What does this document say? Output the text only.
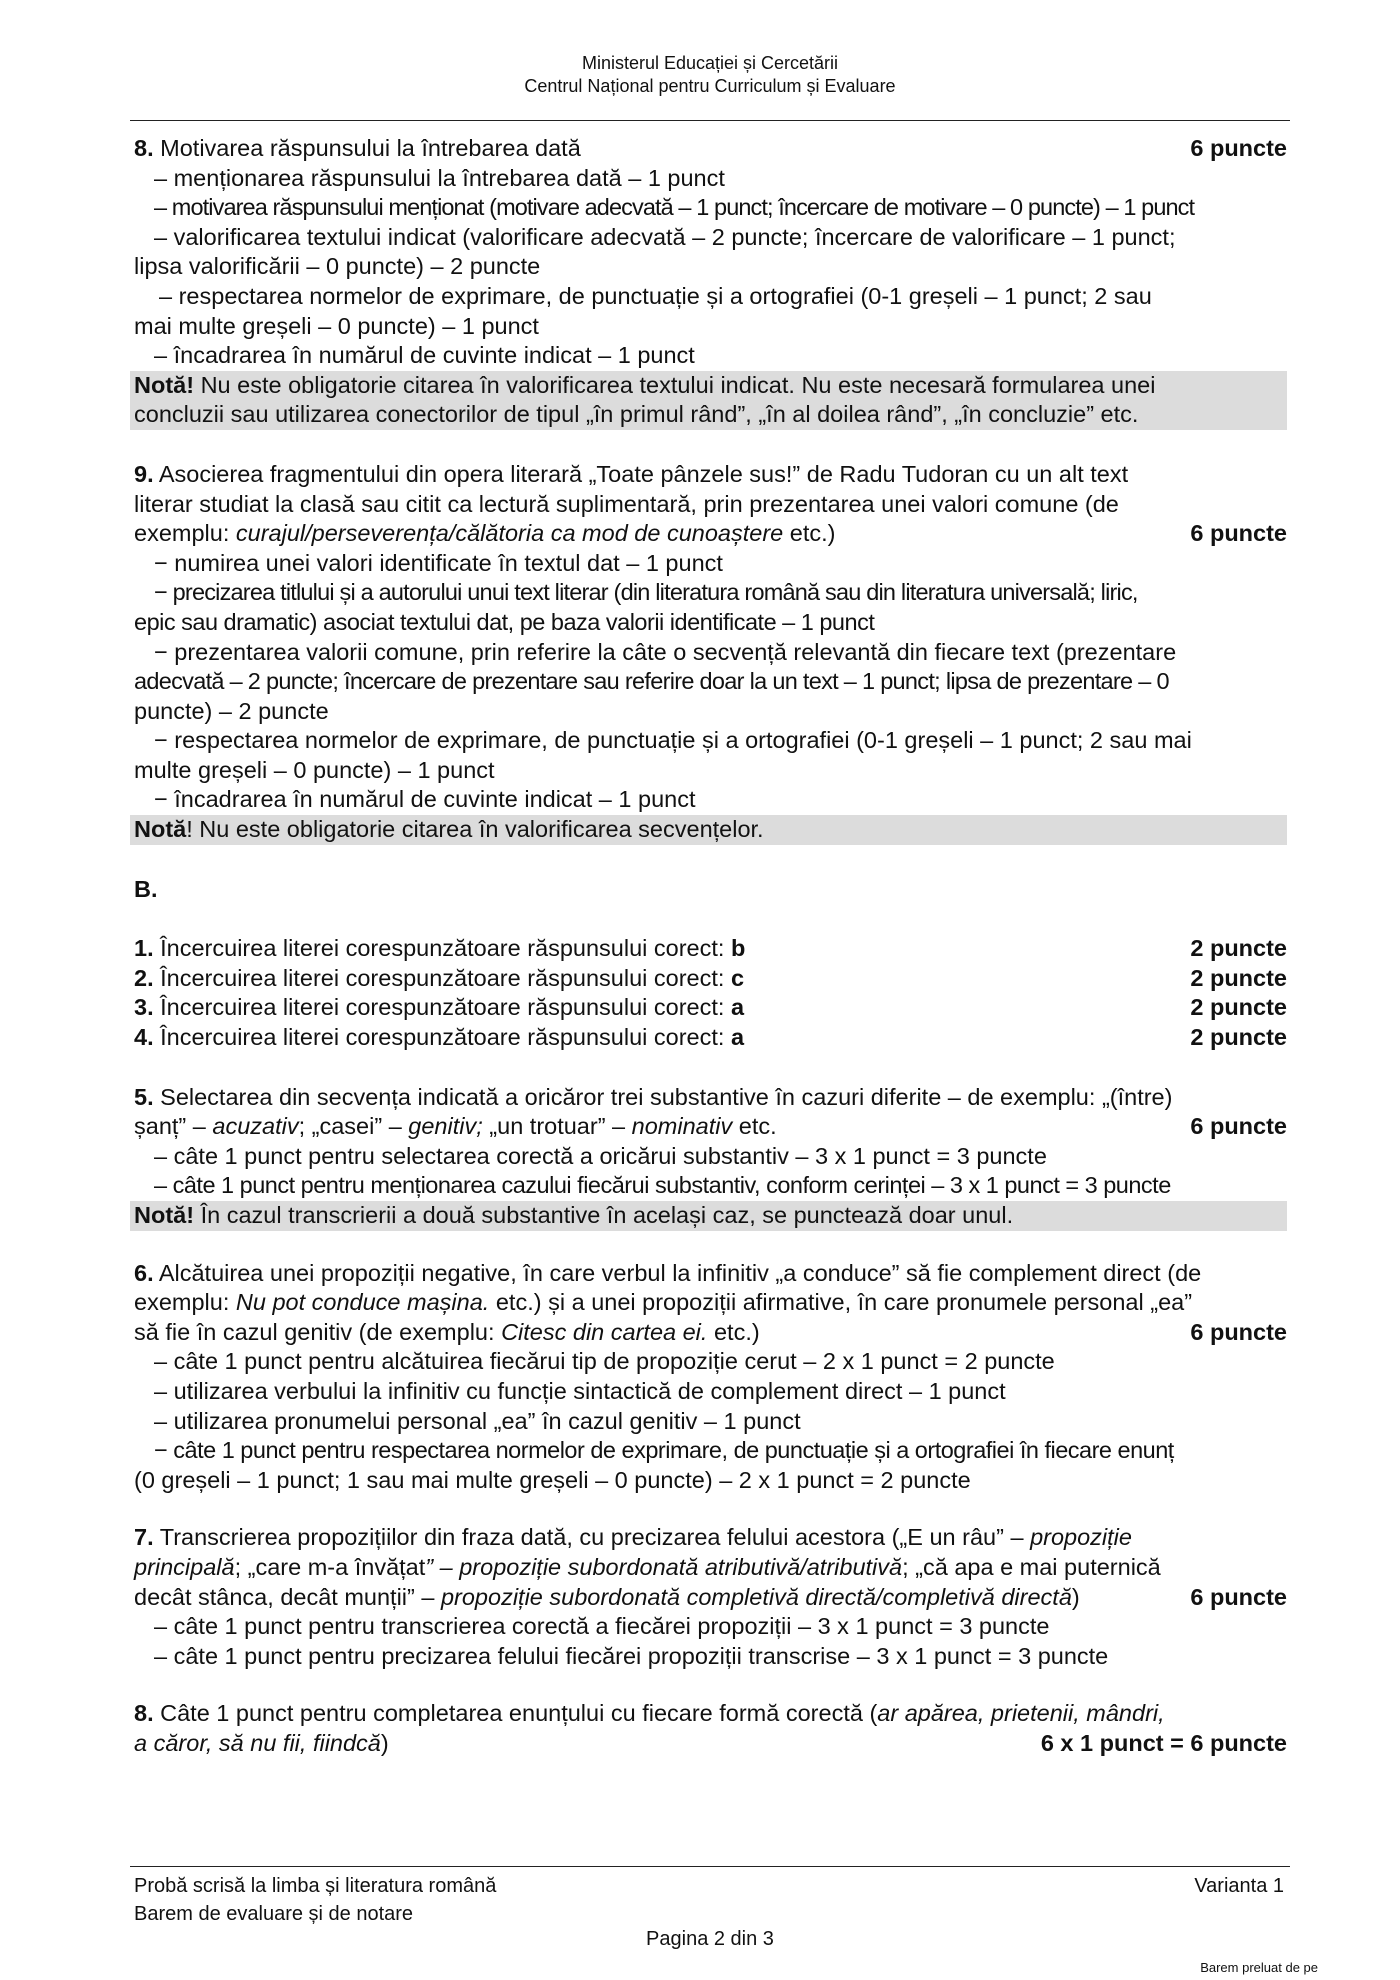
Ministerul Educației și Cercetării
Centrul Național pentru Curriculum și Evaluare
8. Motivarea răspunsului la întrebarea dată	6 puncte
– menționarea răspunsului la întrebarea dată – 1 punct
– motivarea răspunsului menționat (motivare adecvată – 1 punct; încercare de motivare – 0 puncte) – 1 punct
– valorificarea textului indicat (valorificare adecvată – 2 puncte; încercare de valorificare – 1 punct;
lipsa valorificării – 0 puncte) – 2 puncte
– respectarea normelor de exprimare, de punctuație și a ortografiei (0-1 greșeli – 1 punct; 2 sau
mai multe greșeli – 0 puncte) – 1 punct
– încadrarea în numărul de cuvinte indicat – 1 punct
Notă! Nu este obligatorie citarea în valorificarea textului indicat. Nu este necesară formularea unei
concluzii sau utilizarea conectorilor de tipul „în primul rând”, „în al doilea rând”, „în concluzie” etc.
9. Asocierea fragmentului din opera literară „Toate pânzele sus!” de Radu Tudoran cu un alt text
literar studiat la clasă sau citit ca lectură suplimentară, prin prezentarea unei valori comune (de
exemplu: curajul/perseverența/călătoria ca mod de cunoaștere etc.)	6 puncte
− numirea unei valori identificate în textul dat – 1 punct
− precizarea titlului și a autorului unui text literar (din literatura română sau din literatura universală; liric,
epic sau dramatic) asociat textului dat, pe baza valorii identificate – 1 punct
− prezentarea valorii comune, prin referire la câte o secvență relevantă din fiecare text (prezentare
adecvată – 2 puncte; încercare de prezentare sau referire doar la un text – 1 punct; lipsa de prezentare – 0
puncte) – 2 puncte
− respectarea normelor de exprimare, de punctuație și a ortografiei (0-1 greșeli – 1 punct; 2 sau mai
multe greșeli – 0 puncte) – 1 punct
− încadrarea în numărul de cuvinte indicat – 1 punct
Notă! Nu este obligatorie citarea în valorificarea secvențelor.
B.
1. Încercuirea literei corespunzătoare răspunsului corect: b	2 puncte
2. Încercuirea literei corespunzătoare răspunsului corect: c	2 puncte
3. Încercuirea literei corespunzătoare răspunsului corect: a	2 puncte
4. Încercuirea literei corespunzătoare răspunsului corect: a	2 puncte
5. Selectarea din secvența indicată a oricăror trei substantive în cazuri diferite – de exemplu: „(între)
șanț” – acuzativ; „casei” – genitiv; „un trotuar” – nominativ etc.	6 puncte
– câte 1 punct pentru selectarea corectă a oricărui substantiv – 3 x 1 punct = 3 puncte
– câte 1 punct pentru menționarea cazului fiecărui substantiv, conform cerinței – 3 x 1 punct = 3 puncte
Notă! În cazul transcrierii a două substantive în același caz, se punctează doar unul.
6. Alcătuirea unei propoziții negative, în care verbul la infinitiv „a conduce” să fie complement direct (de
exemplu: Nu pot conduce mașina. etc.) și a unei propoziții afirmative, în care pronumele personal „ea”
să fie în cazul genitiv (de exemplu: Citesc din cartea ei. etc.)	6 puncte
– câte 1 punct pentru alcătuirea fiecărui tip de propoziție cerut – 2 x 1 punct = 2 puncte
– utilizarea verbului la infinitiv cu funcție sintactică de complement direct – 1 punct
– utilizarea pronumelui personal „ea” în cazul genitiv – 1 punct
− câte 1 punct pentru respectarea normelor de exprimare, de punctuație și a ortografiei în fiecare enunț
(0 greșeli – 1 punct; 1 sau mai multe greșeli – 0 puncte) – 2 x 1 punct = 2 puncte
7. Transcrierea propozițiilor din fraza dată, cu precizarea felului acestora („E un râu” – propoziție
principală; „care m-a învățat” – propoziție subordonată atributivă/atributivă; „că apa e mai puternică
decât stânca, decât munții” – propoziție subordonată completivă directă/completivă directă)	6 puncte
– câte 1 punct pentru transcrierea corectă a fiecărei propoziții – 3 x 1 punct = 3 puncte
– câte 1 punct pentru precizarea felului fiecărei propoziții transcrise – 3 x 1 punct = 3 puncte
8. Câte 1 punct pentru completarea enunțului cu fiecare formă corectă (ar apărea, prietenii, mândri,
a căror, să nu fii, fiindcă)	6 x 1 punct = 6 puncte
Probă scrisă la limba și literatura română	Varianta 1
Barem de evaluare și de notare
Pagina 2 din 3
Barem preluat de pe
